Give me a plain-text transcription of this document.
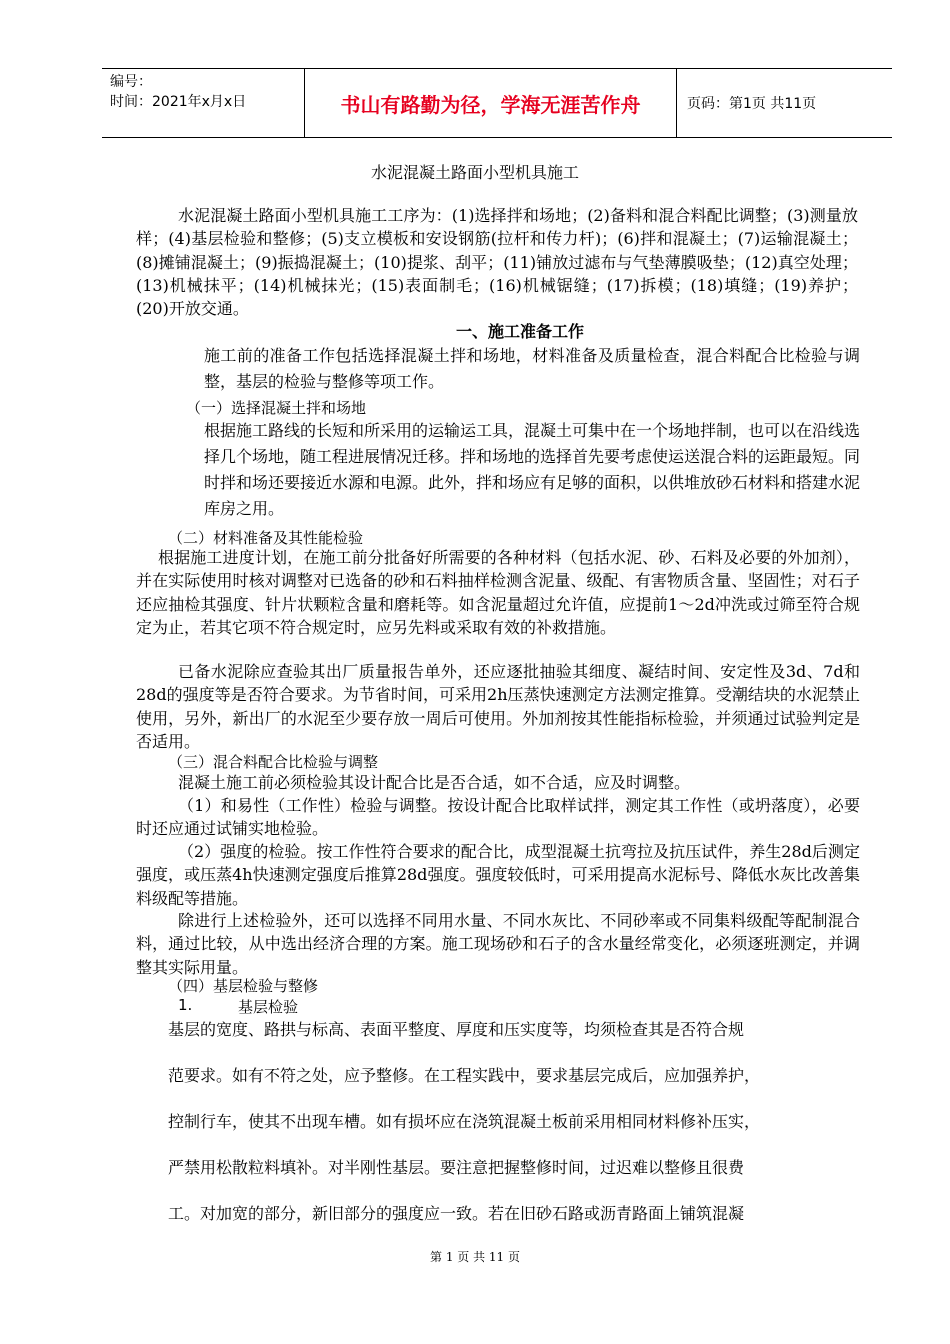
编号：
时间：2021年x月x日	书山有路勤为径，学海无涯苦作舟	页码：第1页 共11页
水泥混凝土路面小型机具施工

水泥混凝土路面小型机具施工工序为：(1)选择拌和场地；(2)备料和混合料配比调整；(3)测量放样；(4)基层检验和整修；(5)支立模板和安设钢筋(拉杆和传力杆)；(6)拌和混凝土；(7)运输混凝土；(8)摊铺混凝土；(9)振捣混凝土；(10)提浆、刮平；(11)铺放过滤布与气垫薄膜吸垫；(12)真空处理；(13)机械抹平；(14)机械抹光；(15)表面制毛；(16)机械锯缝；(17)拆模；(18)填缝；(19)养护；(20)开放交通。

一、施工准备工作

施工前的准备工作包括选择混凝土拌和场地，材料准备及质量检查，混合料配合比检验与调整，基层的检验与整修等项工作。

（一）选择混凝土拌和场地

根据施工路线的长短和所采用的运输运工具，混凝土可集中在一个场地拌制，也可以在沿线选择几个场地，随工程进展情况迁移。拌和场地的选择首先要考虑使运送混合料的运距最短。同时拌和场还要接近水源和电源。此外，拌和场应有足够的面积，以供堆放砂石材料和搭建水泥库房之用。

（二）材料准备及其性能检验

根据施工进度计划，在施工前分批备好所需要的各种材料（包括水泥、砂、石料及必要的外加剂），并在实际使用时核对调整对已选备的砂和石料抽样检测含泥量、级配、有害物质含量、坚固性；对石子还应抽检其强度、针片状颗粒含量和磨耗等。如含泥量超过允许值，应提前1～2d冲洗或过筛至符合规定为止，若其它项不符合规定时，应另先料或采取有效的补救措施。

已备水泥除应查验其出厂质量报告单外，还应逐批抽验其细度、凝结时间、安定性及3d、7d和28d的强度等是否符合要求。为节省时间，可采用2h压蒸快速测定方法测定推算。受潮结块的水泥禁止使用，另外，新出厂的水泥至少要存放一周后可使用。外加剂按其性能指标检验，并须通过试验判定是否适用。

（三）混合料配合比检验与调整

混凝土施工前必须检验其设计配合比是否合适，如不合适，应及时调整。

（1）和易性（工作性）检验与调整。按设计配合比取样试拌，测定其工作性（或坍落度），必要时还应通过试铺实地检验。

（2）强度的检验。按工作性符合要求的配合比，成型混凝土抗弯拉及抗压试件，养生28d后测定强度，或压蒸4h快速测定强度后推算28d强度。强度较低时，可采用提高水泥标号、降低水灰比改善集料级配等措施。

除进行上述检验外，还可以选择不同用水量、不同水灰比、不同砂率或不同集料级配等配制混合料，通过比较，从中选出经济合理的方案。施工现场砂和石子的含水量经常变化，必须逐班测定，并调整其实际用量。

（四）基层检验与整修
1.	基层检验
基层的宽度、路拱与标高、表面平整度、厚度和压实度等，均须检查其是否符合规
范要求。如有不符之处，应予整修。在工程实践中，要求基层完成后，应加强养护，
控制行车，使其不出现车槽。如有损坏应在浇筑混凝土板前采用相同材料修补压实，
严禁用松散粒料填补。对半刚性基层。要注意把握整修时间，过迟难以整修且很费
工。对加宽的部分，新旧部分的强度应一致。若在旧砂石路或沥青路面上铺筑混凝
第 1 页 共 11 页
